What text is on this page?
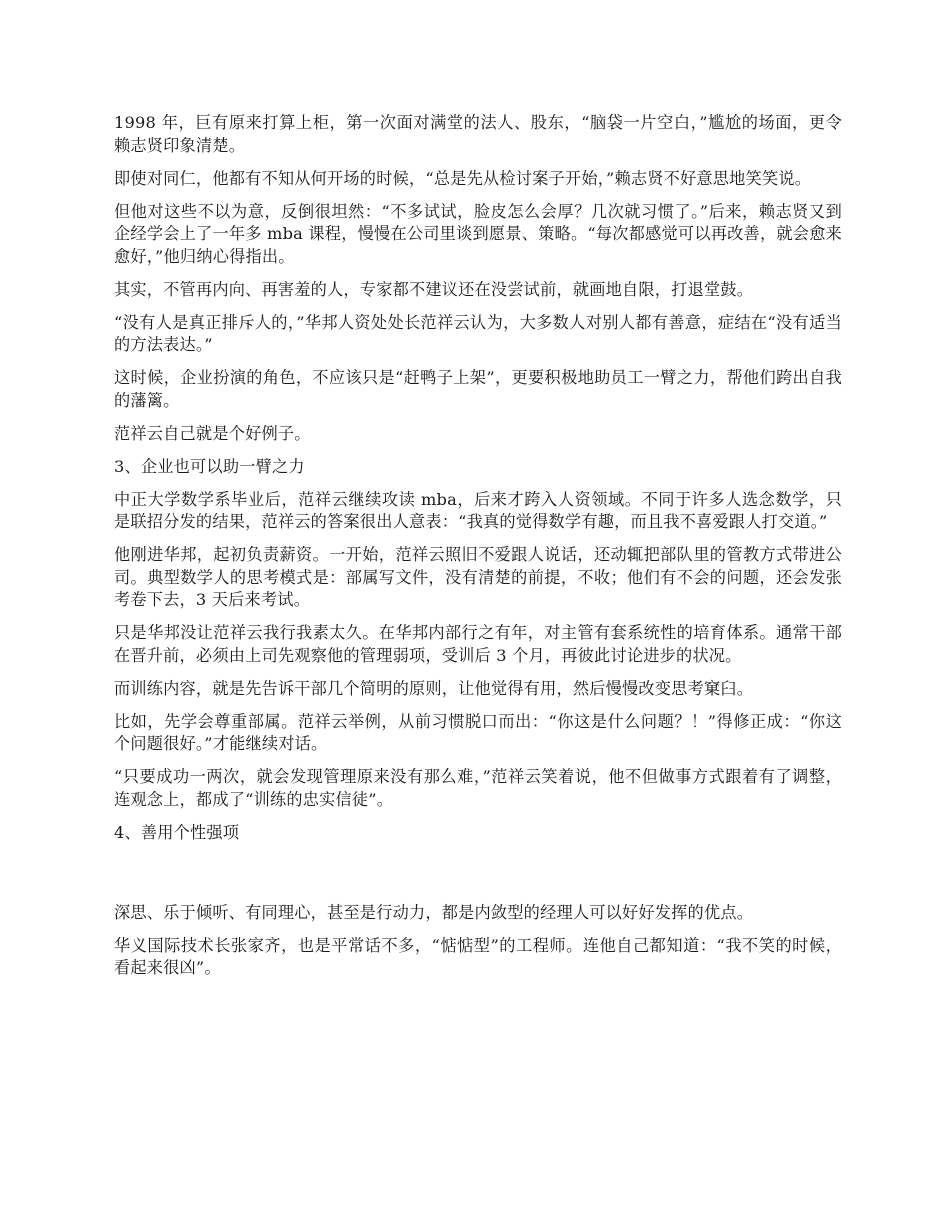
1998 年，巨有原来打算上柜，第一次面对满堂的法人、股东，“脑袋一片空白，”尴尬的场面，更令赖志贤印象清楚。

即使对同仁，他都有不知从何开场的时候，“总是先从检讨案子开始，”赖志贤不好意思地笑笑说。

但他对这些不以为意，反倒很坦然：“不多试试，脸皮怎么会厚？几次就习惯了。”后来，赖志贤又到企经学会上了一年多 mba 课程，慢慢在公司里谈到愿景、策略。“每次都感觉可以再改善，就会愈来愈好，”他归纳心得指出。

其实，不管再内向、再害羞的人，专家都不建议还在没尝试前，就画地自限，打退堂鼓。

“没有人是真正排斥人的，”华邦人资处处长范祥云认为，大多数人对别人都有善意，症结在“没有适当的方法表达。”

这时候，企业扮演的角色，不应该只是“赶鸭子上架”，更要积极地助员工一臂之力，帮他们跨出自我的藩篱。

范祥云自己就是个好例子。

3、企业也可以助一臂之力

中正大学数学系毕业后，范祥云继续攻读 mba，后来才跨入人资领域。不同于许多人选念数学，只是联招分发的结果，范祥云的答案很出人意表：“我真的觉得数学有趣，而且我不喜爱跟人打交道。”

他刚进华邦，起初负责薪资。一开始，范祥云照旧不爱跟人说话，还动辄把部队里的管教方式带进公司。典型数学人的思考模式是：部属写文件，没有清楚的前提，不收；他们有不会的问题，还会发张考卷下去，3 天后来考试。

只是华邦没让范祥云我行我素太久。在华邦内部行之有年，对主管有套系统性的培育体系。通常干部在晋升前，必须由上司先观察他的管理弱项，受训后 3 个月，再彼此讨论进步的状况。

而训练内容，就是先告诉干部几个简明的原则，让他觉得有用，然后慢慢改变思考窠臼。

比如，先学会尊重部属。范祥云举例，从前习惯脱口而出：“你这是什么问题？！”得修正成：“你这个问题很好。”才能继续对话。

“只要成功一两次，就会发现管理原来没有那么难，”范祥云笑着说，他不但做事方式跟着有了调整，连观念上，都成了“训练的忠实信徒”。

4、善用个性强项

深思、乐于倾听、有同理心，甚至是行动力，都是内敛型的经理人可以好好发挥的优点。

华义国际技术长张家齐，也是平常话不多，“惦惦型”的工程师。连他自己都知道：“我不笑的时候，看起来很凶”。
